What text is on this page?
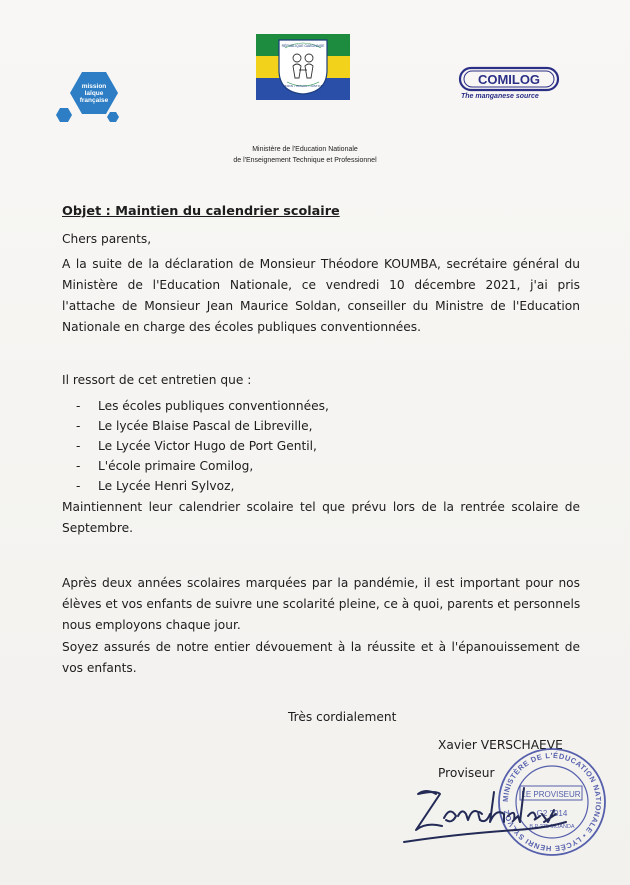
mission laïque française
RÉPUBLIQUE GABONAISE
UNION • TRAVAIL • JUSTICE	COMILOG
The manganese source
Ministère de l'Education Nationale
de l'Enseignement Technique et Professionnel
Objet : Maintien du calendrier scolaire
Chers parents,
A la suite de la déclaration de Monsieur Théodore KOUMBA, secrétaire général du
Ministère de l'Education Nationale, ce vendredi 10 décembre 2021, j'ai pris
l'attache de Monsieur Jean Maurice Soldan, conseiller du Ministre de l'Education
Nationale en charge des écoles publiques conventionnées.
Il ressort de cet entretien que :
- Les écoles publiques conventionnées,
- Le lycée Blaise Pascal de Libreville,
- Le Lycée Victor Hugo de Port Gentil,
- L'école primaire Comilog,
- Le Lycée Henri Sylvoz,
Maintiennent leur calendrier scolaire tel que prévu lors de la rentrée scolaire de
Septembre.
Après deux années scolaires marquées par la pandémie, il est important pour nos
élèves et vos enfants de suivre une scolarité pleine, ce à quoi, parents et personnels
nous employons chaque jour.
Soyez assurés de notre entier dévouement à la réussite et à l'épanouissement de
vos enfants.
Très cordialement
Xavier VERSCHAEVE
Proviseur
MINISTÈRE DE L'ÉDUCATION NATIONALE • LYCÉE HENRI SYLVOZ
LE PROVISEUR
G2 2014
B.P 275 MOANDA
